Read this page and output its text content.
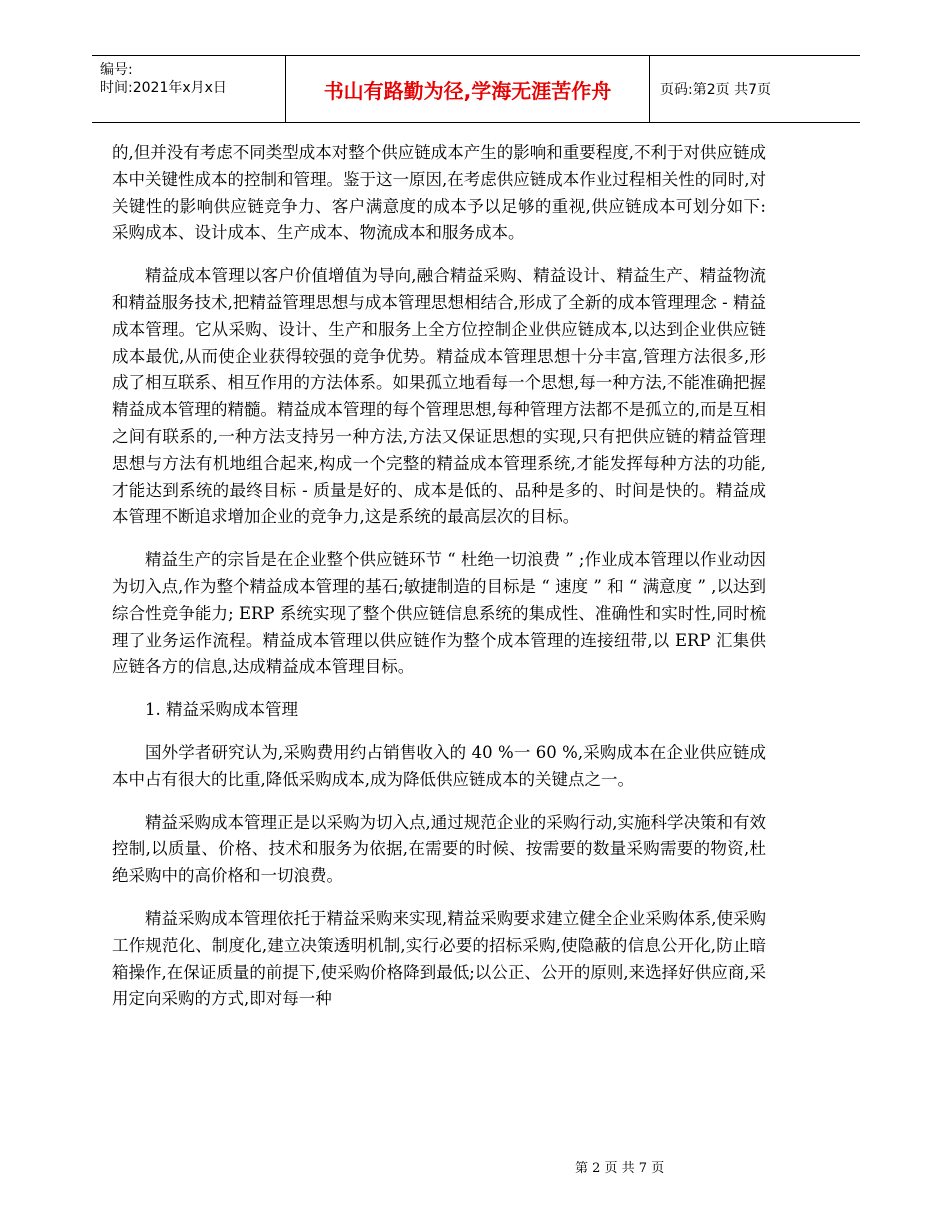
编号:
时间:2021年x月x日	书山有路勤为径,学海无涯苦作舟	页码:第2页 共7页

的,但并没有考虑不同类型成本对整个供应链成本产生的影响和重要程度,不利于对供应链成本中关键性成本的控制和管理。鉴于这一原因,在考虑供应链成本作业过程相关性的同时,对关键性的影响供应链竞争力、客户满意度的成本予以足够的重视,供应链成本可划分如下:采购成本、设计成本、生产成本、物流成本和服务成本。

精益成本管理以客户价值增值为导向,融合精益采购、精益设计、精益生产、精益物流和精益服务技术,把精益管理思想与成本管理思想相结合,形成了全新的成本管理理念 - 精益成本管理。它从采购、设计、生产和服务上全方位控制企业供应链成本,以达到企业供应链成本最优,从而使企业获得较强的竞争优势。精益成本管理思想十分丰富,管理方法很多,形成了相互联系、相互作用的方法体系。如果孤立地看每一个思想,每一种方法,不能准确把握精益成本管理的精髓。精益成本管理的每个管理思想,每种管理方法都不是孤立的,而是互相之间有联系的,一种方法支持另一种方法,方法又保证思想的实现,只有把供应链的精益管理思想与方法有机地组合起来,构成一个完整的精益成本管理系统,才能发挥每种方法的功能,才能达到系统的最终目标 - 质量是好的、成本是低的、品种是多的、时间是快的。精益成本管理不断追求增加企业的竞争力,这是系统的最高层次的目标。

精益生产的宗旨是在企业整个供应链环节 “ 杜绝一切浪费 ” ;作业成本管理以作业动因为切入点,作为整个精益成本管理的基石;敏捷制造的目标是 “ 速度 ” 和 “ 满意度 ” ,以达到综合性竞争能力; ERP 系统实现了整个供应链信息系统的集成性、准确性和实时性,同时梳理了业务运作流程。精益成本管理以供应链作为整个成本管理的连接纽带,以 ERP 汇集供应链各方的信息,达成精益成本管理目标。

1. 精益采购成本管理

国外学者研究认为,采购费用约占销售收入的 40 %一 60 %,采购成本在企业供应链成本中占有很大的比重,降低采购成本,成为降低供应链成本的关键点之一。

精益采购成本管理正是以采购为切入点,通过规范企业的采购行动,实施科学决策和有效控制,以质量、价格、技术和服务为依据,在需要的时候、按需要的数量采购需要的物资,杜绝采购中的高价格和一切浪费。

精益采购成本管理依托于精益采购来实现,精益采购要求建立健全企业采购体系,使采购工作规范化、制度化,建立决策透明机制,实行必要的招标采购,使隐蔽的信息公开化,防止暗箱操作,在保证质量的前提下,使采购价格降到最低;以公正、公开的原则,来选择好供应商,采用定向采购的方式,即对每一种

第 2 页 共 7 页
